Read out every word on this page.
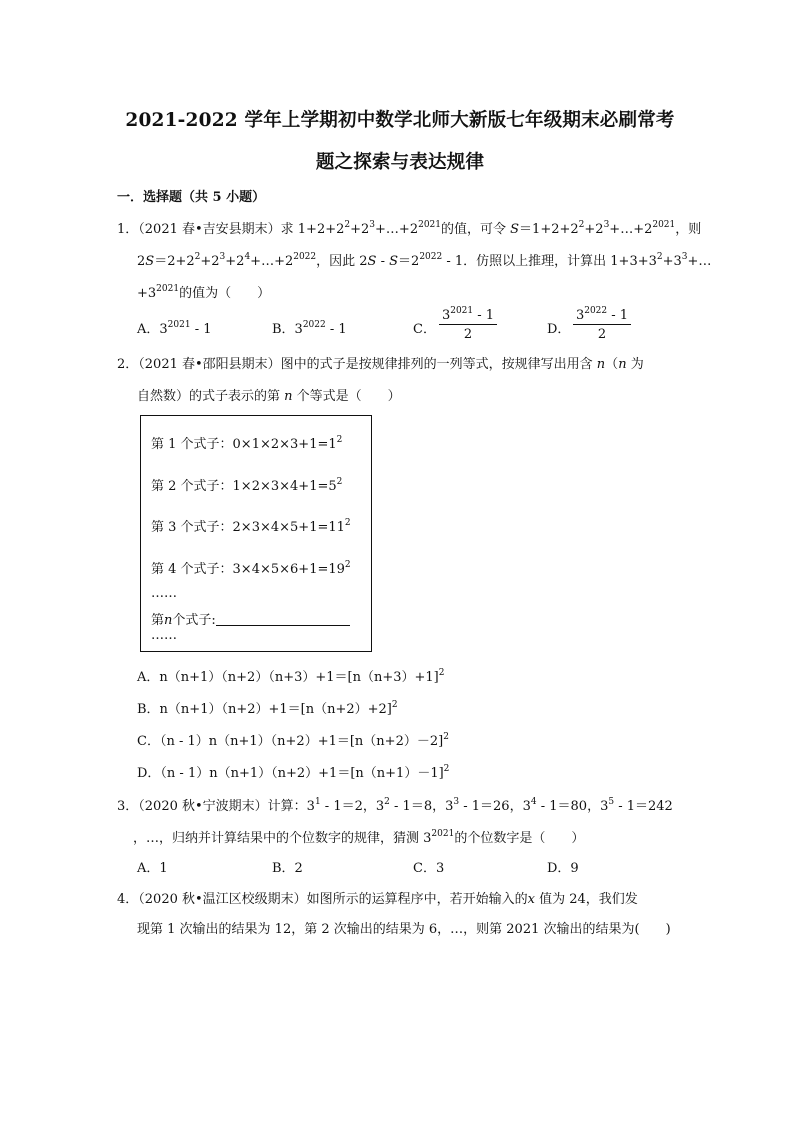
2021-2022 学年上学期初中数学北师大新版七年级期末必刷常考
题之探索与表达规律
一．选择题（共 5 小题）
1．（2021 春•吉安县期末）求 $1+2+2^2+2^3+\dots+2^{2021}$的值，可令 $S=1+2+2^2+2^3+\dots+2^{2021}$，则
$2S=2+2^2+2^3+2^4+\dots+2^{2022}$，因此 $2S - S=2^{2022} - 1$．仿照以上推理，计算出 $1+3+3^2+3^3+\dots$
$+3^{2021}$的值为（　　）
A．$3^{2021} - 1$	B．$3^{2022} - 1$	C．
$\frac{3^{2021} - 1}{2}$	D．
$\frac{3^{2022} - 1}{2}$
2．（2021 春•邵阳县期末）图中的式子是按规律排列的一列等式，按规律写出用含 n（n 为
自然数）的式子表示的第 n 个等式是（　　）
第 1 个式子：$0\times 1\times 2\times 3+1=1^2$
第 2 个式子：$1\times 2\times 3\times 4+1=5^2$
第 3 个式子：$2\times 3\times 4\times 5+1=11^2$
第 4 个式子：$3\times 4\times 5\times 6+1=19^2$
……
第n个式子:
……
A．$n(n+1)(n+2)(n+3)+1=[n(n+3)+1]^2$
B．$n(n+1)(n+2)+1=[n(n+2)+2]^2$
C．$(n - 1)n(n+1)(n+2)+1=[n(n+2)-2]^2$
D．$(n - 1)n(n+1)(n+2)+1=[n(n+1)-1]^2$
3．（2020 秋•宁波期末）计算：$3^1 - 1=2$，$3^2 - 1=8$，$3^3 - 1=26$，$3^4 - 1=80$，$3^5 - 1=242$
，…，归纳并计算结果中的个位数字的规律，猜测 $3^{2021}$的个位数字是（　　）
A．1	B．2	C．3	D．9
4．（2020 秋•温江区校级期末）如图所示的运算程序中，若开始输入的x 值为 24，我们发
现第 1 次输出的结果为 12，第 2 次输出的结果为 6，…，则第 2021 次输出的结果为(　　)
